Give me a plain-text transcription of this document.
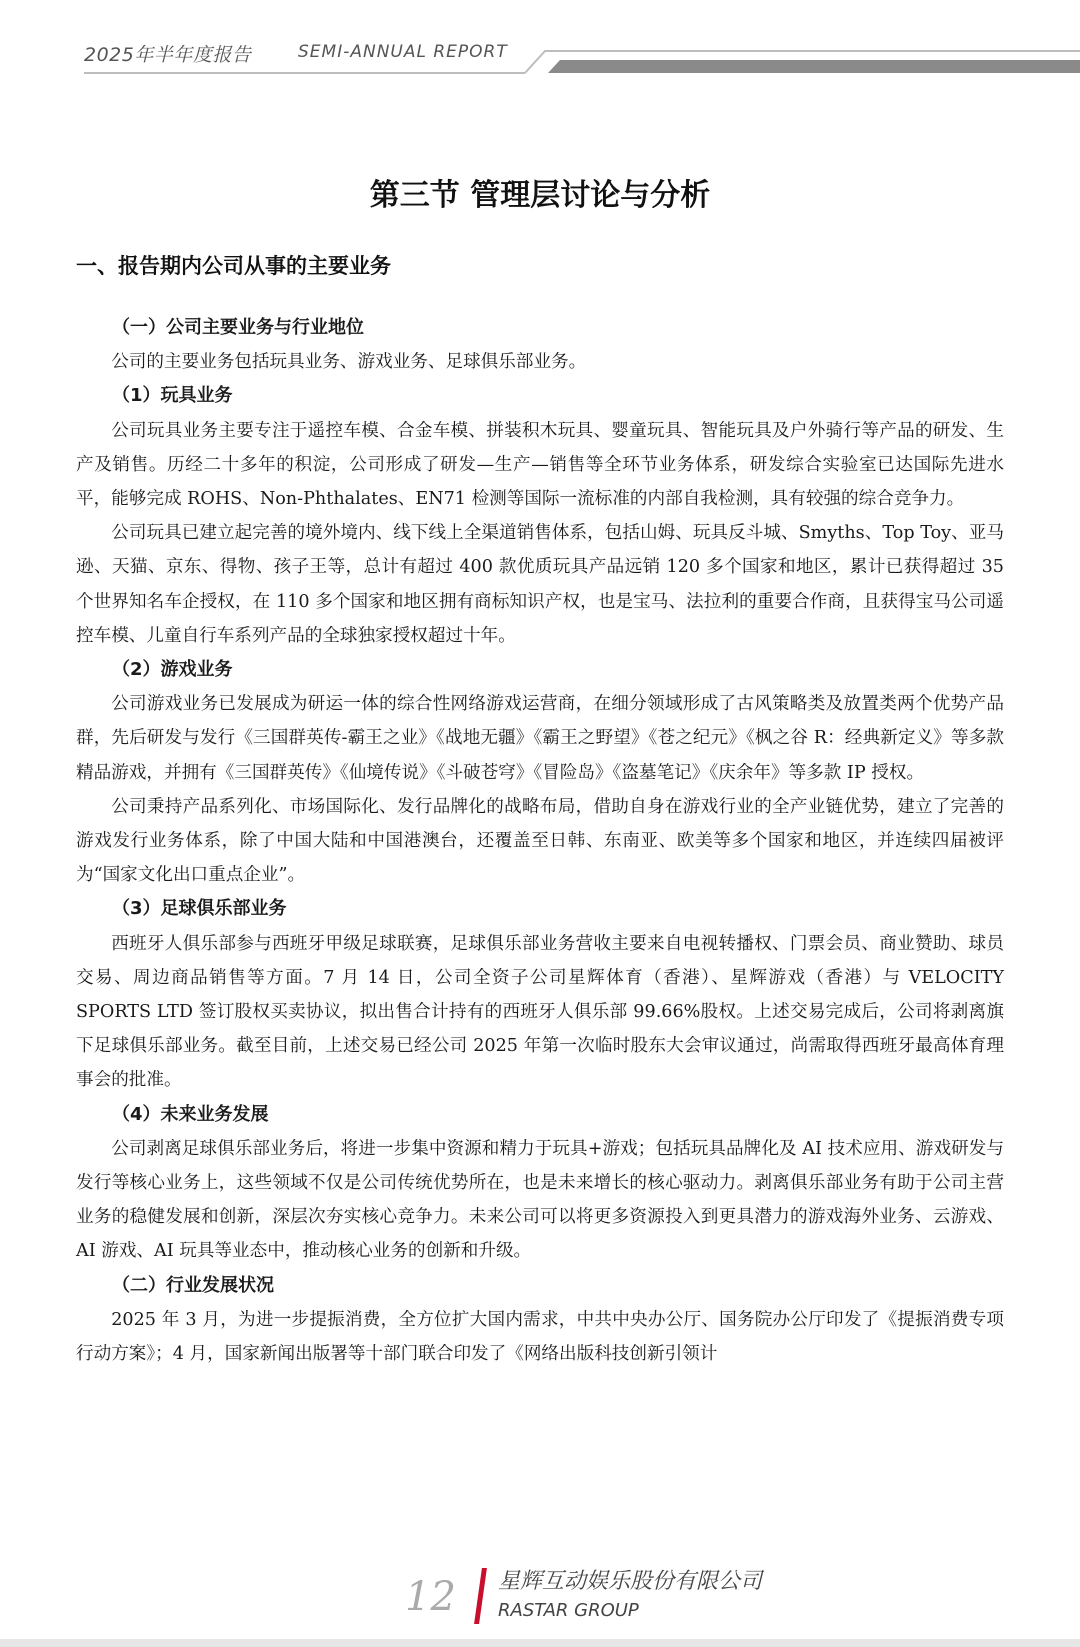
2025年半年度报告	SEMI-ANNUAL REPORT
第三节 管理层讨论与分析
一、报告期内公司从事的主要业务
（一）公司主要业务与行业地位

公司的主要业务包括玩具业务、游戏业务、足球俱乐部业务。

（1）玩具业务

公司玩具业务主要专注于遥控车模、合金车模、拼装积木玩具、婴童玩具、智能玩具及户外骑行等产品的研发、生产及销售。历经二十多年的积淀，公司形成了研发—生产—销售等全环节业务体系，研发综合实验室已达国际先进水平，能够完成 ROHS、Non-Phthalates、EN71 检测等国际一流标准的内部自我检测，具有较强的综合竞争力。

公司玩具已建立起完善的境外境内、线下线上全渠道销售体系，包括山姆、玩具反斗城、Smyths、Top Toy、亚马逊、天猫、京东、得物、孩子王等，总计有超过 400 款优质玩具产品远销 120 多个国家和地区，累计已获得超过 35 个世界知名车企授权，在 110 多个国家和地区拥有商标知识产权，也是宝马、法拉利的重要合作商，且获得宝马公司遥控车模、儿童自行车系列产品的全球独家授权超过十年。

（2）游戏业务

公司游戏业务已发展成为研运一体的综合性网络游戏运营商，在细分领域形成了古风策略类及放置类两个优势产品群，先后研发与发行《三国群英传-霸王之业》《战地无疆》《霸王之野望》《苍之纪元》《枫之谷 R：经典新定义》等多款精品游戏，并拥有《三国群英传》《仙境传说》《斗破苍穹》《冒险岛》《盗墓笔记》《庆余年》等多款 IP 授权。

公司秉持产品系列化、市场国际化、发行品牌化的战略布局，借助自身在游戏行业的全产业链优势，建立了完善的游戏发行业务体系，除了中国大陆和中国港澳台，还覆盖至日韩、东南亚、欧美等多个国家和地区，并连续四届被评为“国家文化出口重点企业”。

（3）足球俱乐部业务

西班牙人俱乐部参与西班牙甲级足球联赛，足球俱乐部业务营收主要来自电视转播权、门票会员、商业赞助、球员交易、周边商品销售等方面。7 月 14 日，公司全资子公司星辉体育（香港）、星辉游戏（香港）与 VELOCITY SPORTS LTD 签订股权买卖协议，拟出售合计持有的西班牙人俱乐部 99.66%股权。上述交易完成后，公司将剥离旗下足球俱乐部业务。截至目前，上述交易已经公司 2025 年第一次临时股东大会审议通过，尚需取得西班牙最高体育理事会的批准。

（4）未来业务发展

公司剥离足球俱乐部业务后，将进一步集中资源和精力于玩具+游戏；包括玩具品牌化及 AI 技术应用、游戏研发与发行等核心业务上，这些领域不仅是公司传统优势所在，也是未来增长的核心驱动力。剥离俱乐部业务有助于公司主营业务的稳健发展和创新，深层次夯实核心竞争力。未来公司可以将更多资源投入到更具潜力的游戏海外业务、云游戏、AI 游戏、AI 玩具等业态中，推动核心业务的创新和升级。

（二）行业发展状况

2025 年 3 月，为进一步提振消费，全方位扩大国内需求，中共中央办公厅、国务院办公厅印发了《提振消费专项行动方案》；4 月，国家新闻出版署等十部门联合印发了《网络出版科技创新引领计

12 星辉互动娱乐股份有限公司
RASTAR GROUP
